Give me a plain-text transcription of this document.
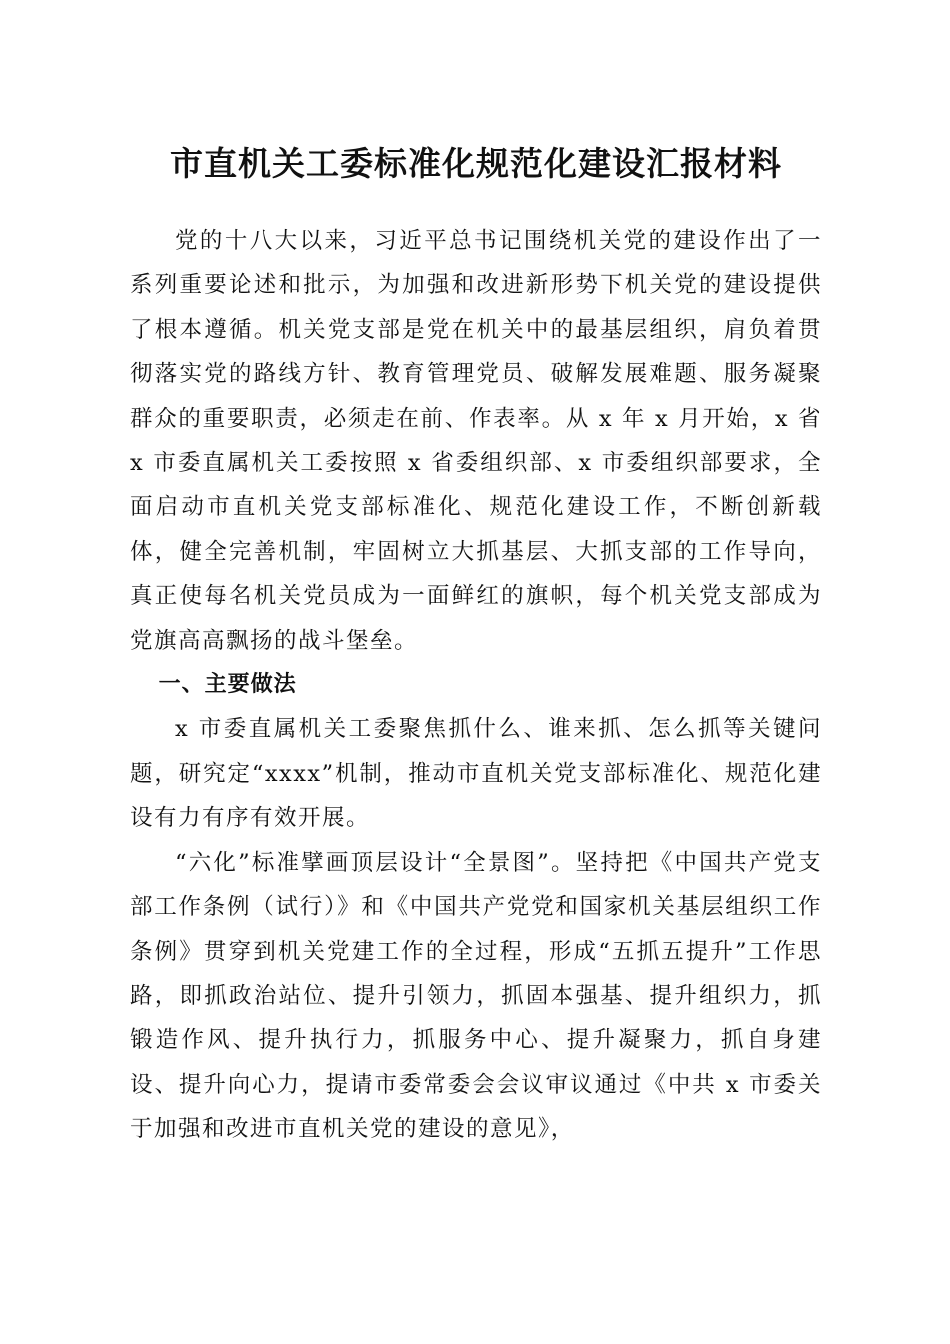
市直机关工委标准化规范化建设汇报材料

党的十八大以来，习近平总书记围绕机关党的建设作出了一系列重要论述和批示，为加强和改进新形势下机关党的建设提供了根本遵循。机关党支部是党在机关中的最基层组织，肩负着贯彻落实党的路线方针、教育管理党员、破解发展难题、服务凝聚群众的重要职责，必须走在前、作表率。从 x 年 x 月开始，x 省 x 市委直属机关工委按照 x 省委组织部、x 市委组织部要求，全面启动市直机关党支部标准化、规范化建设工作，不断创新载体，健全完善机制，牢固树立大抓基层、大抓支部的工作导向，真正使每名机关党员成为一面鲜红的旗帜，每个机关党支部成为党旗高高飘扬的战斗堡垒。

一、主要做法

x 市委直属机关工委聚焦抓什么、谁来抓、怎么抓等关键问题，研究定“xxxx”机制，推动市直机关党支部标准化、规范化建设有力有序有效开展。

“六化”标准擘画顶层设计“全景图”。坚持把《中国共产党支部工作条例（试行）》和《中国共产党党和国家机关基层组织工作条例》贯穿到机关党建工作的全过程，形成“五抓五提升”工作思路，即抓政治站位、提升引领力，抓固本强基、提升组织力，抓锻造作风、提升执行力，抓服务中心、提升凝聚力，抓自身建设、提升向心力，提请市委常委会会议审议通过《中共 x 市委关于加强和改进市直机关党的建设的意见》，
